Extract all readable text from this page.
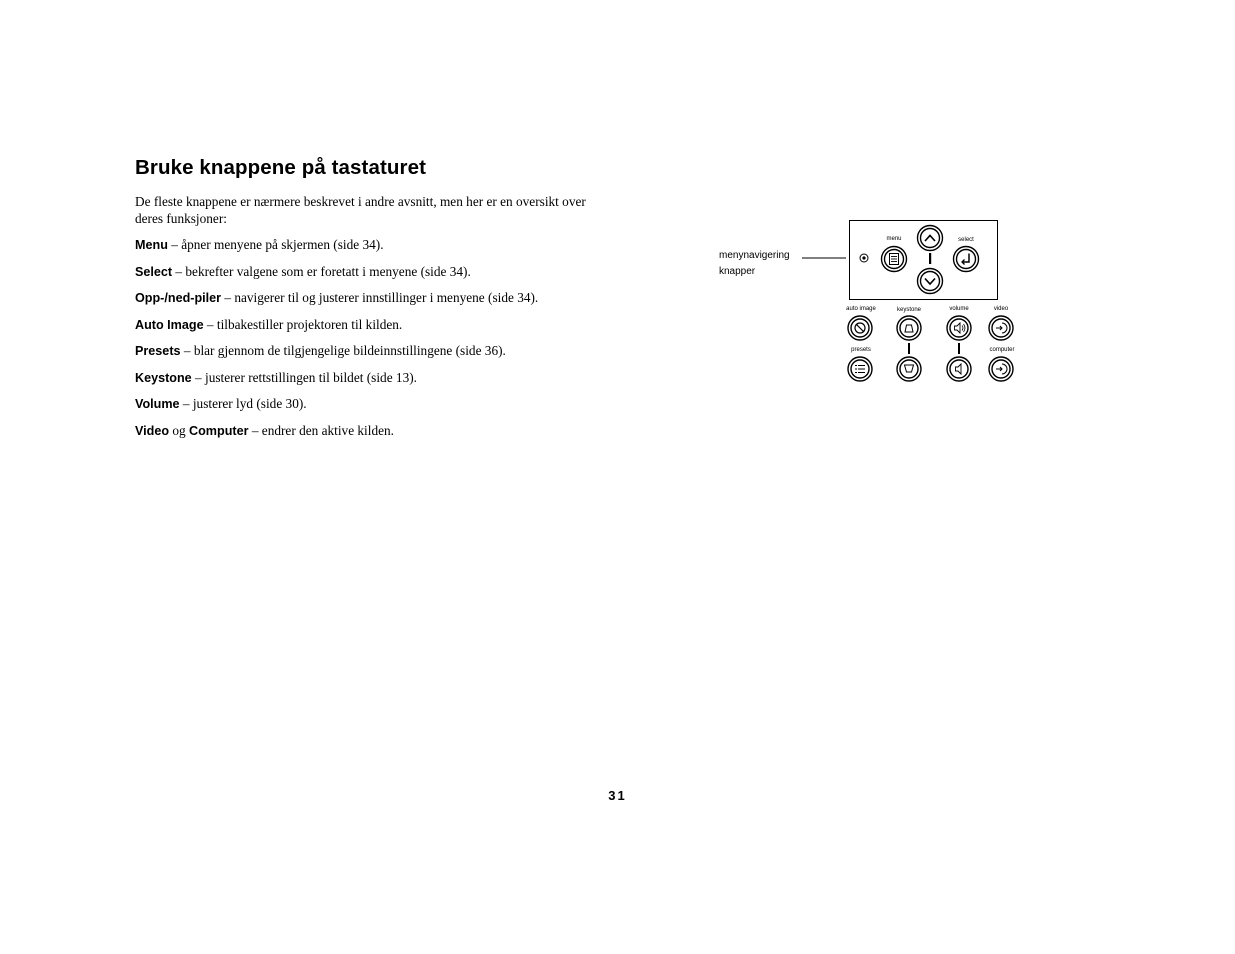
Bruke knappene på tastaturet

De fleste knappene er nærmere beskrevet i andre avsnitt, men her er en oversikt over deres funksjoner:

Menu – åpner menyene på skjermen (side 34).
Select – bekrefter valgene som er foretatt i menyene (side 34).
Opp-/ned-piler – navigerer til og justerer innstillinger i menyene (side 34).
Auto Image – tilbakestiller projektoren til kilden.
Presets – blar gjennom de tilgjengelige bildeinnstillingene (side 36).
Keystone – justerer rettstillingen til bildet (side 13).
Volume – justerer lyd (side 30).
Video og Computer – endrer den aktive kilden.
menynavigering
knapper
menu	select
auto image	keystone	volume	video
presets	computer
31
